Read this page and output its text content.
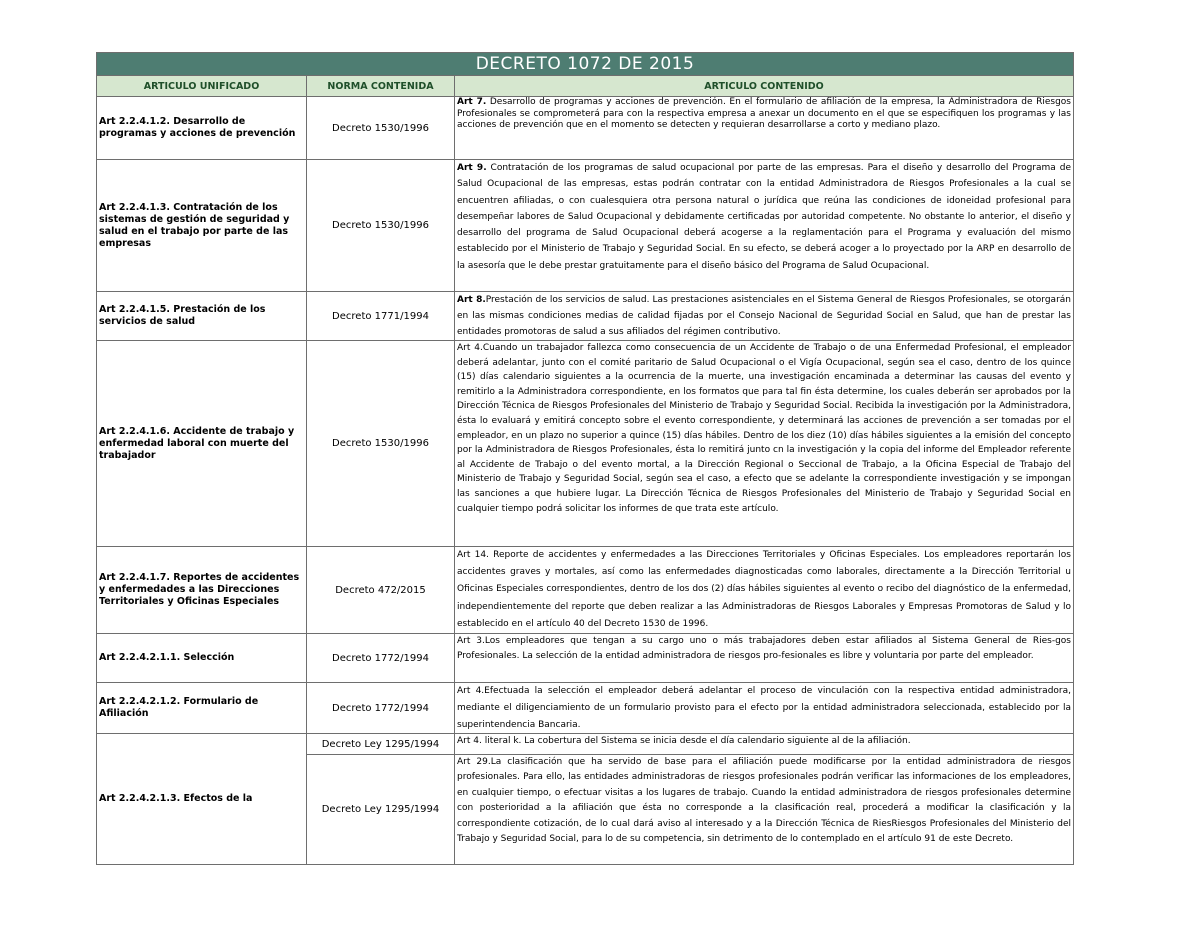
DECRETO 1072 DE 2015		
ARTICULO UNIFICADO	NORMA CONTENIDA	ARTICULO CONTENIDO
Art 2.2.4.1.2. Desarrollo de programas y acciones de prevención	Decreto 1530/1996	Art 7. Desarrollo de programas y acciones de prevención. En el formulario de afiliación de la empresa, la Administradora de Riesgos Profesionales se comprometerá para con la respectiva empresa a anexar un documento en el que se especifiquen los programas y las acciones de prevención que en el momento se detecten y requieran desarrollarse a corto y mediano plazo.

Art 2.2.4.1.3. Contratación de los sistemas de gestión de seguridad y salud en el trabajo por parte de las empresas	Decreto 1530/1996	Art 9. Contratación de los programas de salud ocupacional por parte de las empresas. Para el diseño y desarrollo del Programa de Salud Ocupacional de las empresas, estas podrán contratar con la entidad Administradora de Riesgos Profesionales a la cual se encuentren afiliadas, o con cualesquiera otra persona natural o jurídica que reúna las condiciones de idoneidad profesional para desempeñar labores de Salud Ocupacional y debidamente certificadas por autoridad competente. No obstante lo anterior, el diseño y desarrollo del programa de Salud Ocupacional deberá acogerse a la reglamentación para el Programa y evaluación del mismo establecido por el Ministerio de Trabajo y Seguridad Social. En su efecto, se deberá acoger a lo proyectado por la ARP en desarrollo de la asesoría que le debe prestar gratuitamente para el diseño básico del Programa de Salud Ocupacional.

Art 2.2.4.1.5. Prestación de los servicios de salud	Decreto 1771/1994	Art 8.Prestación de los servicios de salud. Las prestaciones asistenciales en el Sistema General de Riesgos Profesionales, se otorgarán en las mismas condiciones medias de calidad fijadas por el Consejo Nacional de Seguridad Social en Salud, que han de prestar las entidades promotoras de salud a sus afiliados del régimen contributivo.

Art 2.2.4.1.6. Accidente de trabajo y enfermedad laboral con muerte del trabajador	Decreto 1530/1996	Art 4.Cuando un trabajador fallezca como consecuencia de un Accidente de Trabajo o de una Enfermedad Profesional, el empleador deberá adelantar, junto con el comité paritario de Salud Ocupacional o el Vigía Ocupacional, según sea el caso, dentro de los quince (15) días calendario siguientes a la ocurrencia de la muerte, una investigación encaminada a determinar las causas del evento y remitirlo a la Administradora correspondiente, en los formatos que para tal fin ésta determine, los cuales deberán ser aprobados por la Dirección Técnica de Riesgos Profesionales del Ministerio de Trabajo y Seguridad Social. Recibida la investigación por la Administradora, ésta lo evaluará y emitirá concepto sobre el evento correspondiente, y determinará las acciones de prevención a ser tomadas por el empleador, en un plazo no superior a quince (15) días hábiles. Dentro de los diez (10) días hábiles siguientes a la emisión del concepto por la Administradora de Riesgos Profesionales, ésta lo remitirá junto cn la investigación y la copia del informe del Empleador referente al Accidente de Trabajo o del evento mortal, a la Dirección Regional o Seccional de Trabajo, a la Oficina Especial de Trabajo del Ministerio de Trabajo y Seguridad Social, según sea el caso, a efecto que se adelante la correspondiente investigación y se impongan las sanciones a que hubiere lugar. La Dirección Técnica de Riesgos Profesionales del Ministerio de Trabajo y Seguridad Social en cualquier tiempo podrá solicitar los informes de que trata este artículo.

Art 2.2.4.1.7. Reportes de accidentes y enfermedades a las Direcciones Territoriales y Oficinas Especiales	Decreto 472/2015	Art 14. Reporte de accidentes y enfermedades a las Direcciones Territoriales y Oficinas Especiales. Los empleadores reportarán los accidentes graves y mortales, así como las enfermedades diagnosticadas como laborales, directamente a la Dirección Territorial u Oficinas Especiales correspondientes, dentro de los dos (2) días hábiles siguientes al evento o recibo del diagnóstico de la enfermedad, independientemente del reporte que deben realizar a las Administradoras de Riesgos Laborales y Empresas Promotoras de Salud y lo establecido en el artículo 40 del Decreto 1530 de 1996.

Art 2.2.4.2.1.1. Selección	Decreto 1772/1994	Art 3.Los empleadores que tengan a su cargo uno o más trabajadores deben estar afiliados al Sistema General de Ries-gos Profesionales. La selección de la entidad administradora de riesgos pro-fesionales es libre y voluntaria por parte del empleador.

Art 2.2.4.2.1.2. Formulario de Afiliación	Decreto 1772/1994	Art 4.Efectuada la selección el empleador deberá adelantar el proceso de vinculación con la respectiva entidad administradora, mediante el diligenciamiento de un formulario provisto para el efecto por la entidad administradora seleccionada, establecido por la superintendencia Bancaria.

Art 2.2.4.2.1.3. Efectos de la	Decreto Ley 1295/1994	Art 4. literal k. La cobertura del Sistema se inicia desde el día calendario siguiente al de la afiliación.

	Decreto Ley 1295/1994	Art 29.La clasificación que ha servido de base para el afiliación puede modificarse por la entidad administradora de riesgos profesionales. Para ello, las entidades administradoras de riesgos profesionales podrán verificar las informaciones de los empleadores, en cualquier tiempo, o efectuar visitas a los lugares de trabajo. Cuando la entidad administradora de riesgos profesionales determine con posterioridad a la afiliación que ésta no corresponde a la clasificación real, procederá a modificar la clasificación y la correspondiente cotización, de lo cual dará aviso al interesado y a la Dirección Técnica de RiesRiesgos Profesionales del Ministerio del Trabajo y Seguridad Social, para lo de su competencia, sin detrimento de lo contemplado en el artículo 91 de este Decreto.
